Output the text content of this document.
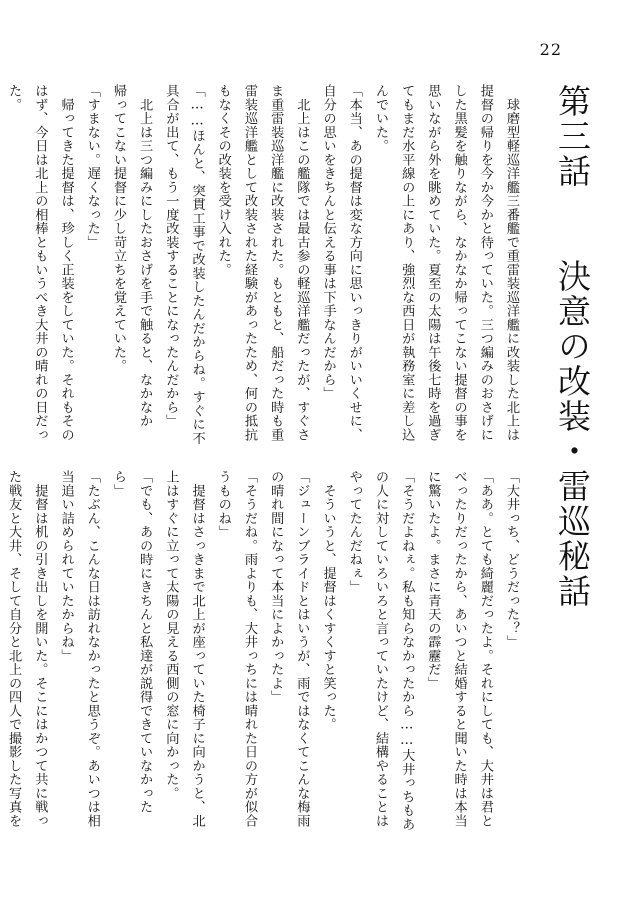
22
第三話　　決意の改装・雷巡秘話
　球磨型軽巡洋艦三番艦で重雷装巡洋艦に改装した北上は
提督の帰りを今か今かと待っていた。三つ編みのおさげに
した黒髪を触りながら、なかなか帰ってこない提督の事を
思いながら外を眺めていた。夏至の太陽は午後七時を過ぎ
てもまだ水平線の上にあり、強烈な西日が執務室に差し込
んでいた。
「本当、あの提督は変な方向に思いっきりがいいくせに、
自分の思いをきちんと伝える事は下手なんだから」
　北上はこの艦隊では最古参の軽巡洋艦だったが、すぐさ
ま重雷装巡洋艦に改装された。もともと、船だった時も重
雷装巡洋艦として改装された経験があったため、何の抵抗
もなくその改装を受け入れた。
「……ほんと、突貫工事で改装したんだからね。すぐに不
具合が出て、もう一度改装することになったんだから」
　北上は三つ編みにしたおさげを手で触ると、なかなか
帰ってこない提督に少し苛立ちを覚えていた。
「すまない。遅くなった」
　帰ってきた提督は、珍しく正装をしていた。それもその
はず、今日は北上の相棒ともいうべき大井の晴れの日だっ
た。
「大井っち、どうだった？」
「ああ。とても綺麗だったよ。それにしても、大井は君と
べったりだったから、あいつと結婚すると聞いた時は本当
に驚いたよ。まさに青天の霹靂だ」
「そうだよねぇ。私も知らなかったから……大井っちもあ
の人に対していろいろと言っていたけど、結構やることは
やってたんだねぇ」
　そういうと、提督はくすくすと笑った。
「ジューンブライドとはいうが、雨ではなくてこんな梅雨
の晴れ間になって本当によかったよ」
「そうだね。雨よりも、大井っちには晴れた日の方が似合
うものね」
　提督はさっきまで北上が座っていた椅子に向かうと、北
上はすぐに立って太陽の見える西側の窓に向かった。
「でも、あの時にきちんと私達が説得できていなかった
ら」
「たぶん、こんな日は訪れなかったと思うぞ。あいつは相
当追い詰められていたからね」
　提督は机の引き出しを開いた。そこにはかつて共に戦っ
た戦友と大井、そして自分と北上の四人で撮影した写真を
